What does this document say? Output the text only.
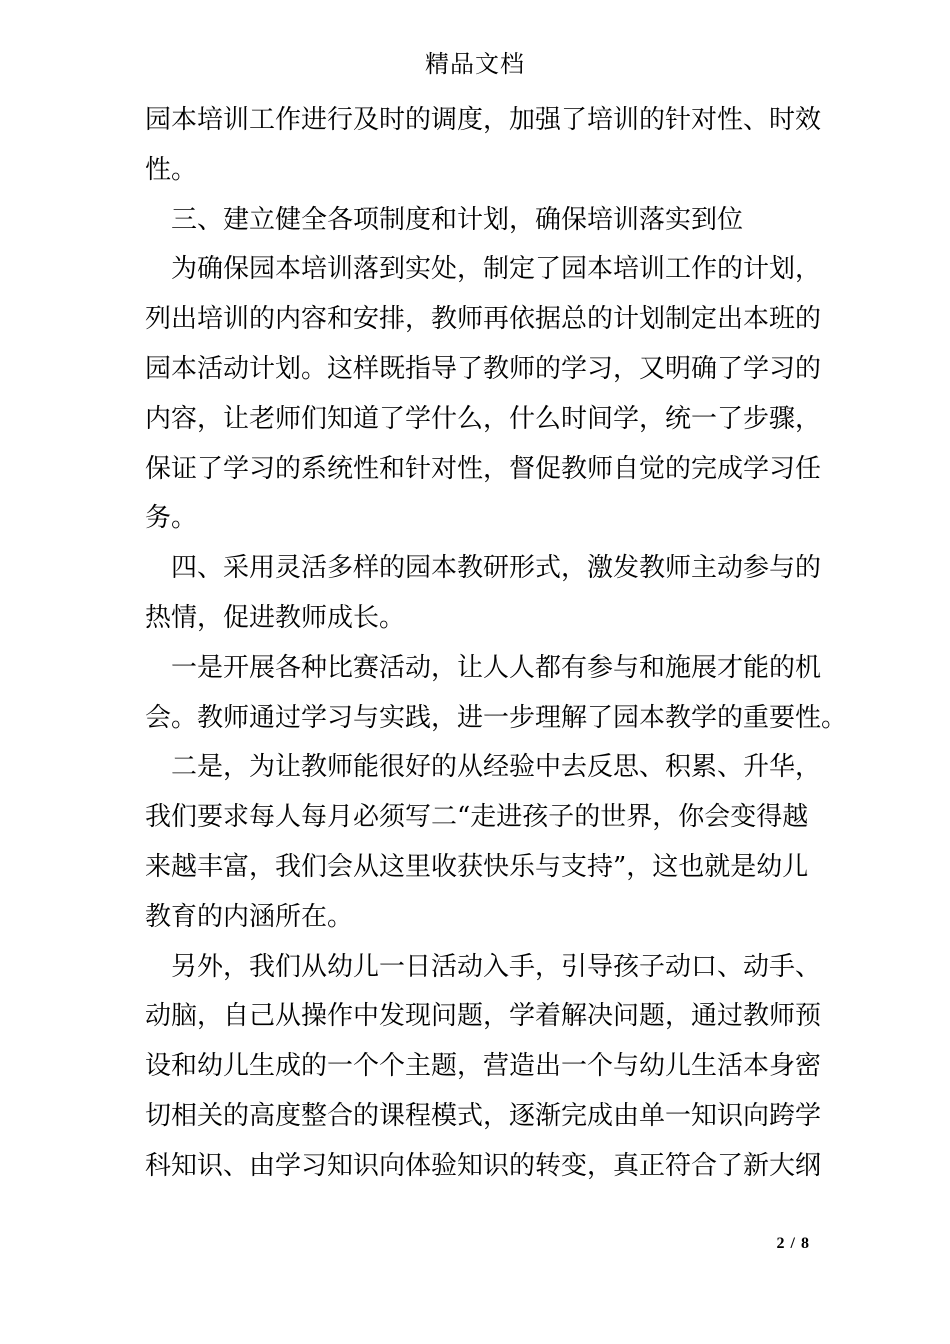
精品文档
园本培训工作进行及时的调度，加强了培训的针对性、时效
性。
三、建立健全各项制度和计划，确保培训落实到位
为确保园本培训落到实处，制定了园本培训工作的计划，
列出培训的内容和安排，教师再依据总的计划制定出本班的
园本活动计划。这样既指导了教师的学习，又明确了学习的
内容，让老师们知道了学什么，什么时间学，统一了步骤，
保证了学习的系统性和针对性，督促教师自觉的完成学习任
务。
四、采用灵活多样的园本教研形式，激发教师主动参与的
热情，促进教师成长。
一是开展各种比赛活动，让人人都有参与和施展才能的机
会。教师通过学习与实践，进一步理解了园本教学的重要性。
二是，为让教师能很好的从经验中去反思、积累、升华，
我们要求每人每月必须写二“走进孩子的世界，你会变得越
来越丰富，我们会从这里收获快乐与支持”，这也就是幼儿
教育的内涵所在。
另外，我们从幼儿一日活动入手，引导孩子动口、动手、
动脑，自己从操作中发现问题，学着解决问题，通过教师预
设和幼儿生成的一个个主题，营造出一个与幼儿生活本身密
切相关的高度整合的课程模式，逐渐完成由单一知识向跨学
科知识、由学习知识向体验知识的转变，真正符合了新大纲
2 / 8
